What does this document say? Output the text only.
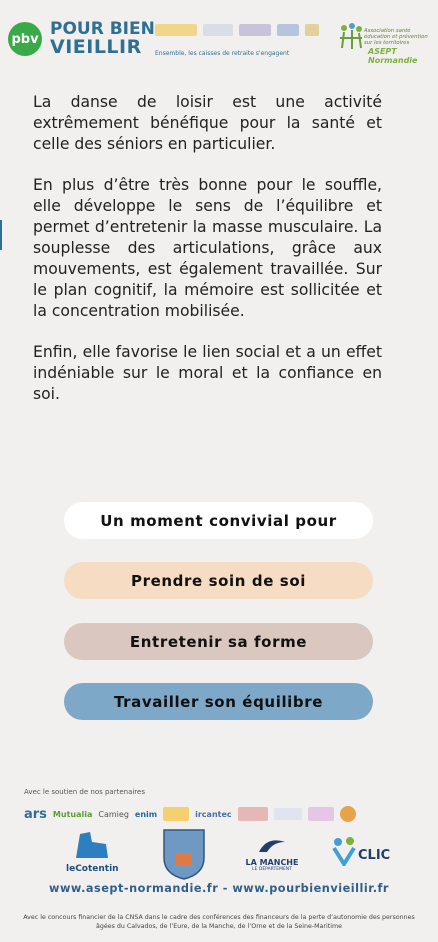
pbv POUR BIEN
VIEILLIR	Ensemble, les caisses de retraite s'engagent
Association santé
éducation et prévention
sur les territoires
ASEPT Normandie

La danse de loisir est une activité extrêmement bénéfique pour la santé et celle des séniors en particulier.

En plus d’être très bonne pour le souffle, elle développe le sens de l’équilibre et permet d’entretenir la masse musculaire. La souplesse des articulations, grâce aux mouvements, est également travaillée. Sur le plan cognitif, la mémoire est sollicitée et la concentration mobilisée.

Enfin, elle favorise le lien social et a un effet indéniable sur le moral et la confiance en soi.

Un moment convivial pour
Prendre soin de soi
Entretenir sa forme
Travailler son équilibre
Avec le soutien de nos partenaires
ars Mutualia Camieg enim	ircantec
leCotentin
LA MANCHE
LE DÉPARTEMENT
CLIC
www.asept-normandie.fr - www.pourbienvieillir.fr
Avec le concours financier de la CNSA dans le cadre des conférences des financeurs de la perte d’autonomie des personnes âgées du Calvados, de l’Eure, de la Manche, de l’Orne et de la Seine-Maritime
